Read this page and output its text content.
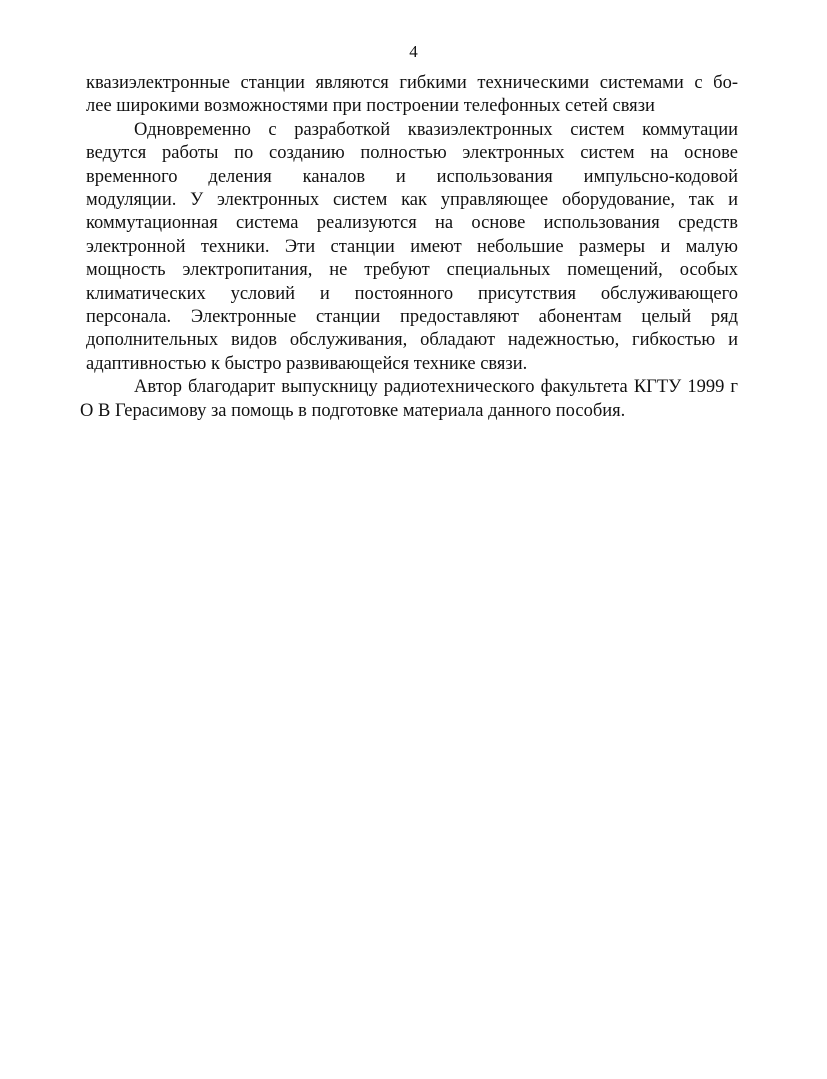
4
квазиэлектронные станции являются гибкими техническими системами с бо-
лее широкими возможностями при построении телефонных сетей связи
Одновременно с разработкой квазиэлектронных систем коммутации
ведутся работы по созданию полностью электронных систем на основе
временного деления каналов и использования импульсно-кодовой
модуляции. У электронных систем как управляющее оборудование, так и
коммутационная система реализуются на основе использования средств
электронной техники. Эти станции имеют небольшие размеры и малую
мощность электропитания, не требуют специальных помещений, особых
климатических условий и постоянного присутствия обслуживающего
персонала. Электронные станции предоставляют абонентам целый ряд
дополнительных видов обслуживания, обладают надежностью, гибкостью и
адаптивностью к быстро развивающейся технике связи.
Автор благодарит выпускницу радиотехнического факультета КГТУ 1999 г
О В Герасимову за помощь в подготовке материала данного пособия.
